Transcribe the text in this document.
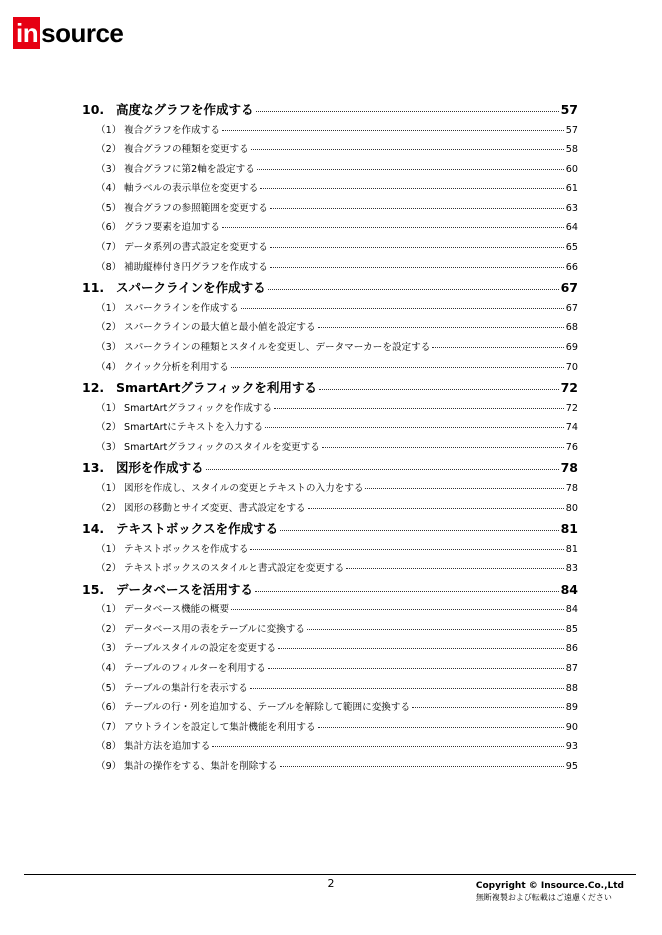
in source
10. 高度なグラフを作成する	57
（1） 複合グラフを作成する	57
（2） 複合グラフの種類を変更する	58
（3） 複合グラフに第2軸を設定する	60
（4） 軸ラベルの表示単位を変更する	61
（5） 複合グラフの参照範囲を変更する	63
（6） グラフ要素を追加する	64
（7） データ系列の書式設定を変更する	65
（8） 補助縦棒付き円グラフを作成する	66
11. スパークラインを作成する	67
（1） スパークラインを作成する	67
（2） スパークラインの最大値と最小値を設定する	68
（3） スパークラインの種類とスタイルを変更し、データマーカーを設定する	69
（4） クイック分析を利用する	70
12. SmartArtグラフィックを利用する	72
（1） SmartArtグラフィックを作成する	72
（2） SmartArtにテキストを入力する	74
（3） SmartArtグラフィックのスタイルを変更する	76
13. 図形を作成する	78
（1） 図形を作成し、スタイルの変更とテキストの入力をする	78
（2） 図形の移動とサイズ変更、書式設定をする	80
14. テキストボックスを作成する	81
（1） テキストボックスを作成する	81
（2） テキストボックスのスタイルと書式設定を変更する	83
15. データベースを活用する	84
（1） データベース機能の概要	84
（2） データベース用の表をテーブルに変換する	85
（3） テーブルスタイルの設定を変更する	86
（4） テーブルのフィルターを利用する	87
（5） テーブルの集計行を表示する	88
（6） テーブルの行・列を追加する、テーブルを解除して範囲に変換する	89
（7） アウトラインを設定して集計機能を利用する	90
（8） 集計方法を追加する	93
（9） 集計の操作をする、集計を削除する	95
2	Copyright © Insource.Co.,Ltd
無断複製および転載はご遠慮ください
